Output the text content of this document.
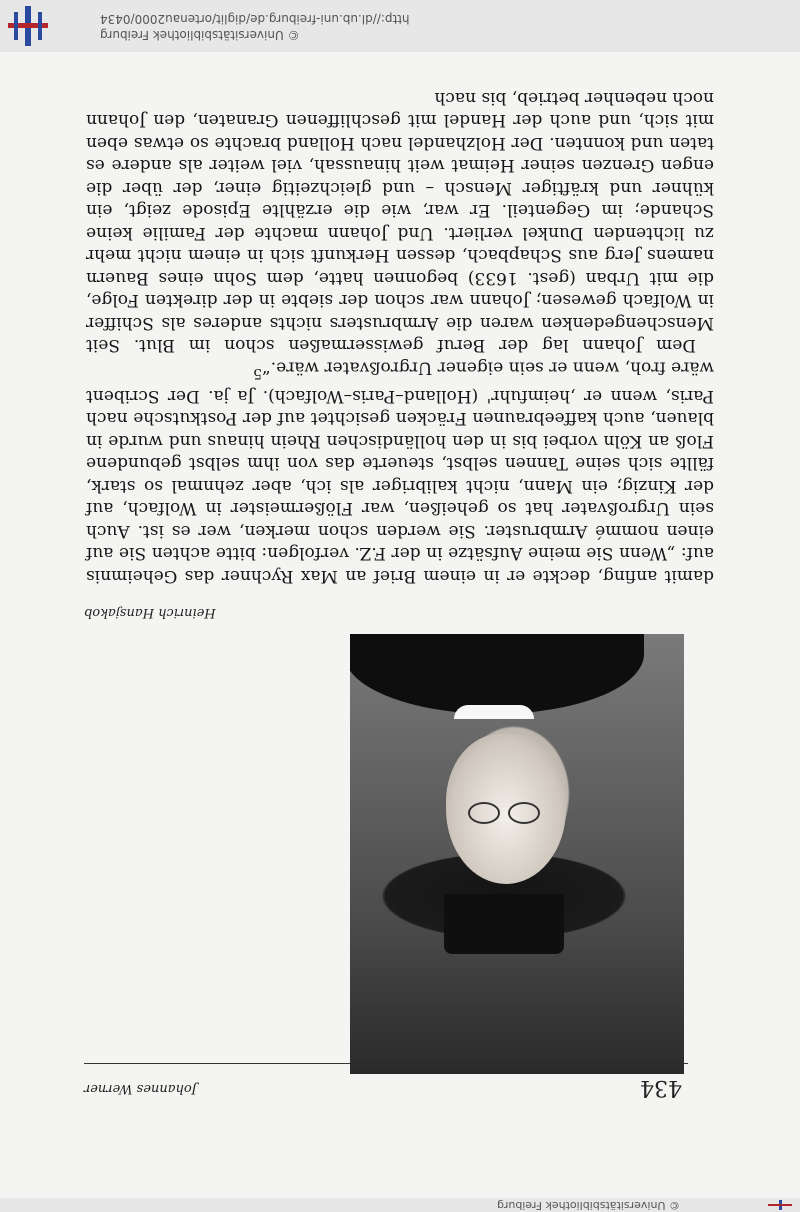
© Universitätsbibliothek Freiburg
434
Johannes Werner
Heinrich Hansjakob

damit anfing, deckte er in einem Brief an Max Rychner das Geheimnis auf: „Wenn Sie meine Aufsätze in der F.Z. verfolgen: bitte achten Sie auf einen nommé Armbruster. Sie werden schon merken, wer es ist. Auch sein Urgroßvater hat so geheißen, war Flößermeister in Wolfach, auf der Kinzig; ein Mann, nicht kalibriger als ich, aber zehnmal so stark, fällte sich seine Tannen selbst, steuerte das von ihm selbst gebundene Floß an Köln vorbei bis in den holländischen Rhein hinaus und wurde in blauen, auch kaffeebraunen Fräcken gesichtet auf der Postkutsche nach Paris, wenn er ‚heimfuhr' (Holland–Paris–Wolfach). Ja ja. Der Scribent wäre froh, wenn er sein eigener Urgroßvater wäre.“$^5$

Dem Johann lag der Beruf gewissermaßen schon im Blut. Seit Menschengedenken waren die Armbrusters nichts anderes als Schiffer in Wolfach gewesen; Johann war schon der siebte in der direkten Folge, die mit Urban (gest. 1633) begonnen hatte, dem Sohn eines Bauern namens Jerg aus Schapbach, dessen Herkunft sich in einem nicht mehr zu lichtenden Dunkel verliert. Und Johann machte der Familie keine Schande; im Gegenteil. Er war, wie die erzählte Episode zeigt, ein kühner und kräftiger Mensch – und gleichzeitig einer, der über die engen Grenzen seiner Heimat weit hinaussah, viel weiter als andere es taten und konnten. Der Holzhandel nach Holland brachte so etwas eben mit sich, und auch der Handel mit geschliffenen Granaten, den Johann noch nebenher betrieb, bis nach

© Universitätsbibliothek Freiburg
http://dl.ub.uni-freiburg.de/diglit/ortenau2000/0434
